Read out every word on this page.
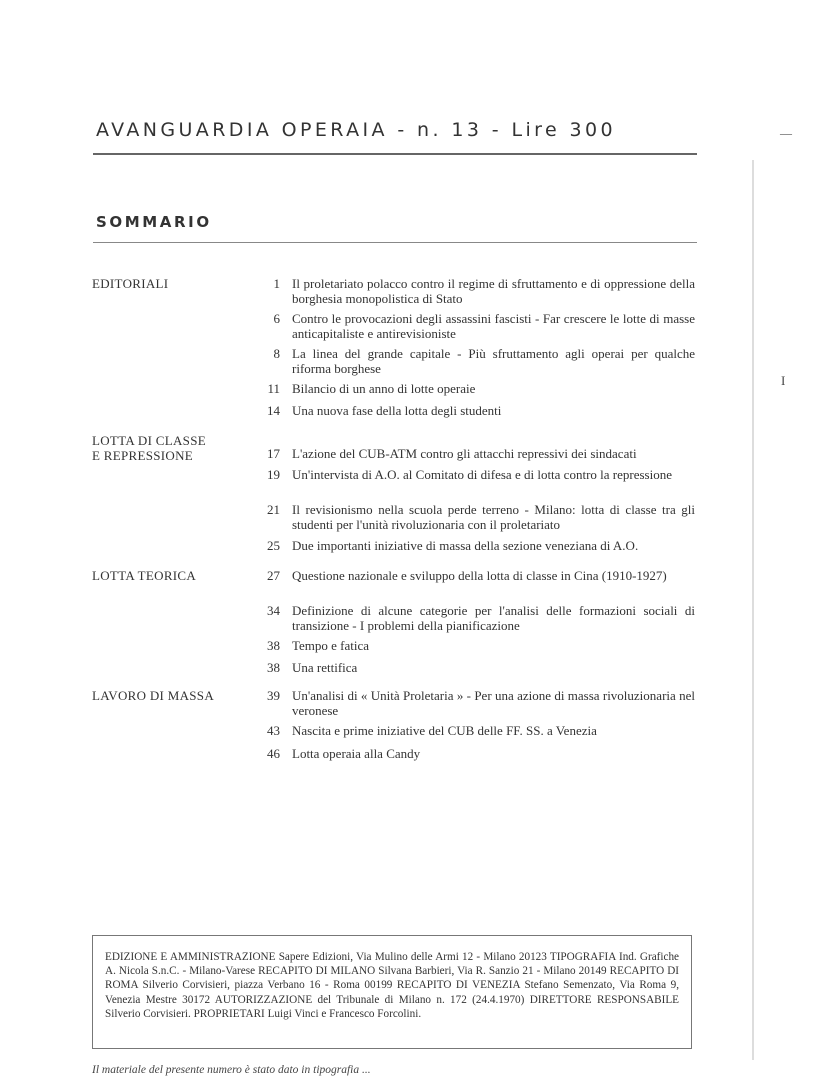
AVANGUARDIA OPERAIA - n. 13 - Lire 300
SOMMARIO
EDITORIALI	1 Il proletariato polacco contro il regime di sfruttamento e di oppressione della borghesia monopolistica di Stato
6 Contro le provocazioni degli assassini fascisti - Far crescere le lotte di masse anticapitaliste e antirevisioniste
8 La linea del grande capitale - Più sfruttamento agli operai per qualche riforma borghese
11 Bilancio di un anno di lotte operaie
14 Una nuova fase della lotta degli studenti
LOTTA DI CLASSE
E REPRESSIONE	17 L'azione del CUB-ATM contro gli attacchi repressivi dei sindacati
19 Un'intervista di A.O. al Comitato di difesa e di lotta contro la repressione
21 Il revisionismo nella scuola perde terreno - Milano: lotta di classe tra gli studenti per l'unità rivoluzionaria con il proletariato
25 Due importanti iniziative di massa della sezione veneziana di A.O.
LOTTA TEORICA	27 Questione nazionale e sviluppo della lotta di classe in Cina (1910-1927)
34 Definizione di alcune categorie per l'analisi delle formazioni sociali di transizione - I problemi della pianificazione
38 Tempo e fatica
38 Una rettifica
LAVORO DI MASSA	39 Un'analisi di « Unità Proletaria » - Per una azione di massa rivoluzionaria nel veronese
43 Nascita e prime iniziative del CUB delle FF. SS. a Venezia
46 Lotta operaia alla Candy
EDIZIONE E AMMINISTRAZIONE Sapere Edizioni, Via Mulino delle Armi 12 - Milano 20123 TIPOGRAFIA Ind. Grafiche A. Nicola S.n.C. - Milano-Varese RECAPITO DI MILANO Silvana Barbieri, Via R. Sanzio 21 - Milano 20149 RECAPITO DI ROMA Silverio Corvisieri, piazza Verbano 16 - Roma 00199 RECAPITO DI VENEZIA Stefano Semenzato, Via Roma 9, Venezia Mestre 30172 AUTORIZZAZIONE del Tribunale di Milano n. 172 (24.4.1970) DIRETTORE RESPONSABILE Silverio Corvisieri. PROPRIETARI Luigi Vinci e Francesco Forcolini.
Il materiale del presente numero è stato dato in tipografia ...
—
I
